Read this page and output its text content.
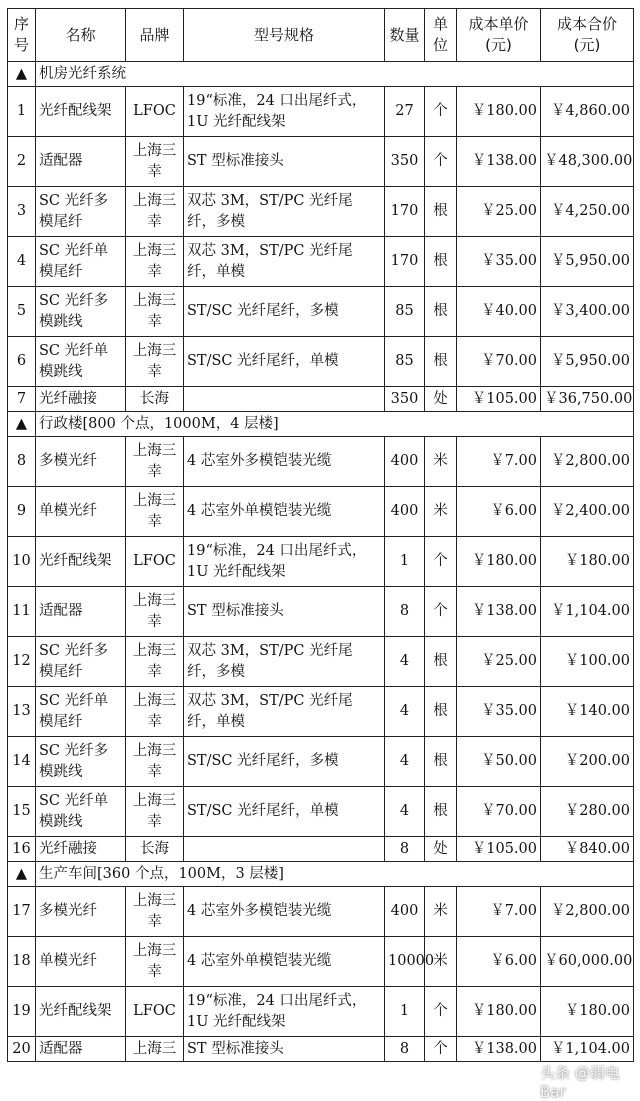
序号	名称	品牌	型号规格	数量	单位	成本单价(元)	成本合价(元)
▲	机房光纤系统						
1	光纤配线架	LFOC	19“标准，24 口出尾纤式，1U 光纤配线架	27	个	￥180.00	￥4,860.00
2	适配器	上海三幸	ST 型标准接头	350	个	￥138.00	￥48,300.00
3	SC 光纤多模尾纤	上海三幸	双芯 3M，ST/PC 光纤尾纤，多模	170	根	￥25.00	￥4,250.00
4	SC 光纤单模尾纤	上海三幸	双芯 3M，ST/PC 光纤尾纤，单模	170	根	￥35.00	￥5,950.00
5	SC 光纤多模跳线	上海三幸	ST/SC 光纤尾纤，多模	85	根	￥40.00	￥3,400.00
6	SC 光纤单模跳线	上海三幸	ST/SC 光纤尾纤，单模	85	根	￥70.00	￥5,950.00
7	光纤融接	长海		350	处	￥105.00	￥36,750.00
▲	行政楼[800 个点，1000M，4 层楼]						
8	多模光纤	上海三幸	4 芯室外多模铠装光缆	400	米	￥7.00	￥2,800.00
9	单模光纤	上海三幸	4 芯室外单模铠装光缆	400	米	￥6.00	￥2,400.00
10	光纤配线架	LFOC	19“标准，24 口出尾纤式，1U 光纤配线架	1	个	￥180.00	￥180.00
11	适配器	上海三幸	ST 型标准接头	8	个	￥138.00	￥1,104.00
12	SC 光纤多模尾纤	上海三幸	双芯 3M，ST/PC 光纤尾纤，多模	4	根	￥25.00	￥100.00
13	SC 光纤单模尾纤	上海三幸	双芯 3M，ST/PC 光纤尾纤，单模	4	根	￥35.00	￥140.00
14	SC 光纤多模跳线	上海三幸	ST/SC 光纤尾纤，多模	4	根	￥50.00	￥200.00
15	SC 光纤单模跳线	上海三幸	ST/SC 光纤尾纤，单模	4	根	￥70.00	￥280.00
16	光纤融接	长海		8	处	￥105.00	￥840.00
▲	生产车间[360 个点，100M，3 层楼]						
17	多模光纤	上海三幸	4 芯室外多模铠装光缆	400	米	￥7.00	￥2,800.00
18	单模光纤	上海三幸	4 芯室外单模铠装光缆	10000	米	￥6.00	￥60,000.00
19	光纤配线架	LFOC	19“标准，24 口出尾纤式，1U 光纤配线架	1	个	￥180.00	￥180.00
20	适配器	上海三	ST 型标准接头	8	个	￥138.00	￥1,104.00
头条 @弱电Bar
